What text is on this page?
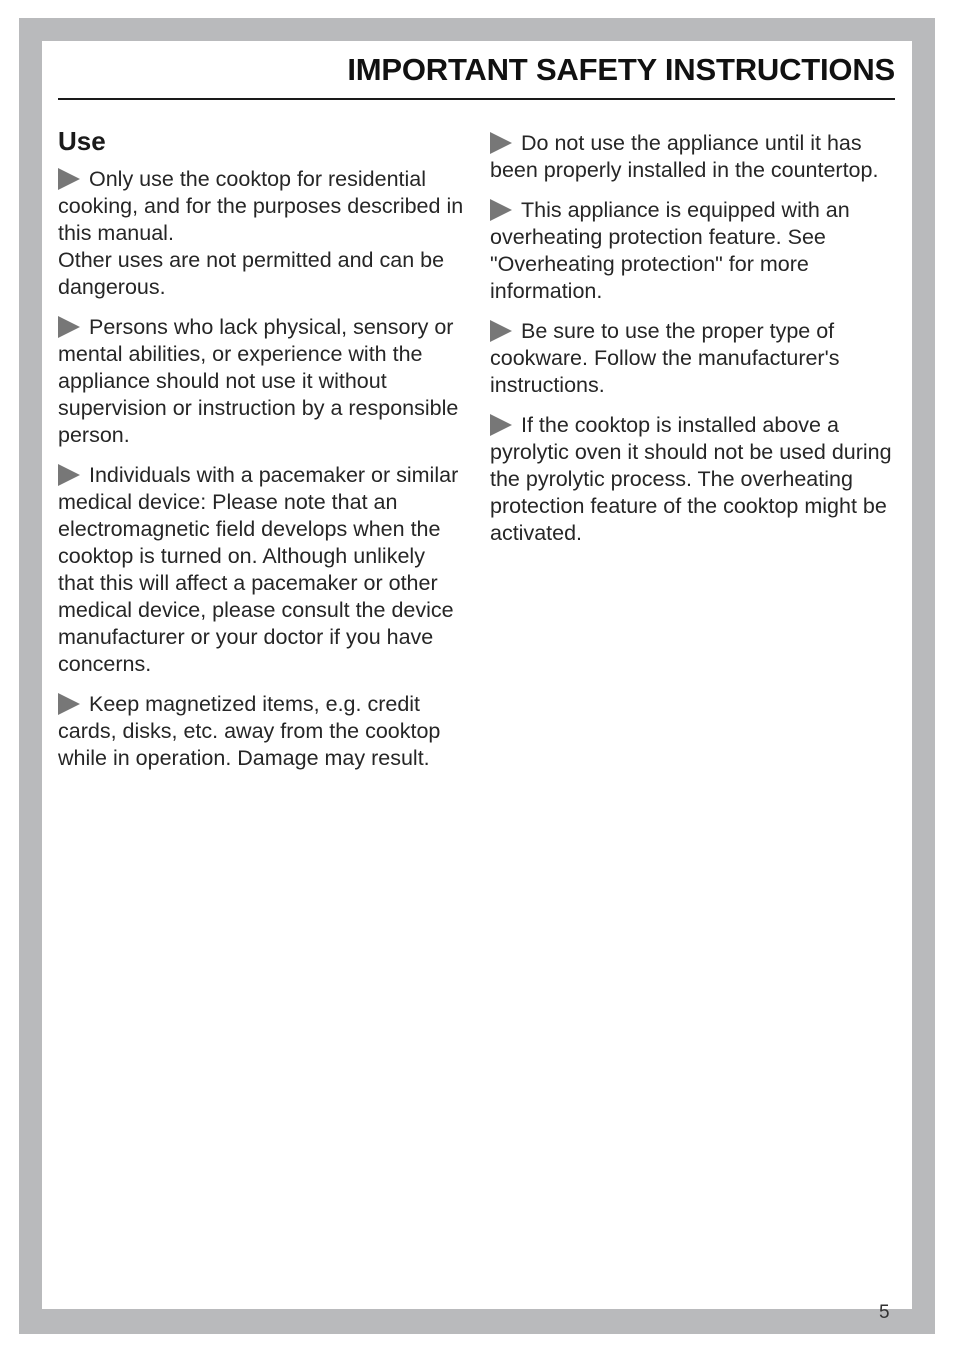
IMPORTANT SAFETY INSTRUCTIONS
Use

Only use the cooktop for residential cooking, and for the purposes described in this manual.
Other uses are not permitted and can be dangerous.

Persons who lack physical, sensory or mental abilities, or experience with the appliance should not use it without supervision or instruction by a responsible person.

Individuals with a pacemaker or similar medical device: Please note that an electromagnetic field develops when the cooktop is turned on. Although unlikely that this will affect a pacemaker or other medical device, please consult the device manufacturer or your doctor if you have concerns.

Keep magnetized items, e.g. credit cards, disks, etc. away from the cooktop while in operation. Damage may result.

Do not use the appliance until it has been properly installed in the countertop.

This appliance is equipped with an overheating protection feature. See "Overheating protection" for more information.

Be sure to use the proper type of cookware. Follow the manufacturer's instructions.

If the cooktop is installed above a pyrolytic oven it should not be used during the pyrolytic process. The overheating protection feature of the cooktop might be activated.

5
